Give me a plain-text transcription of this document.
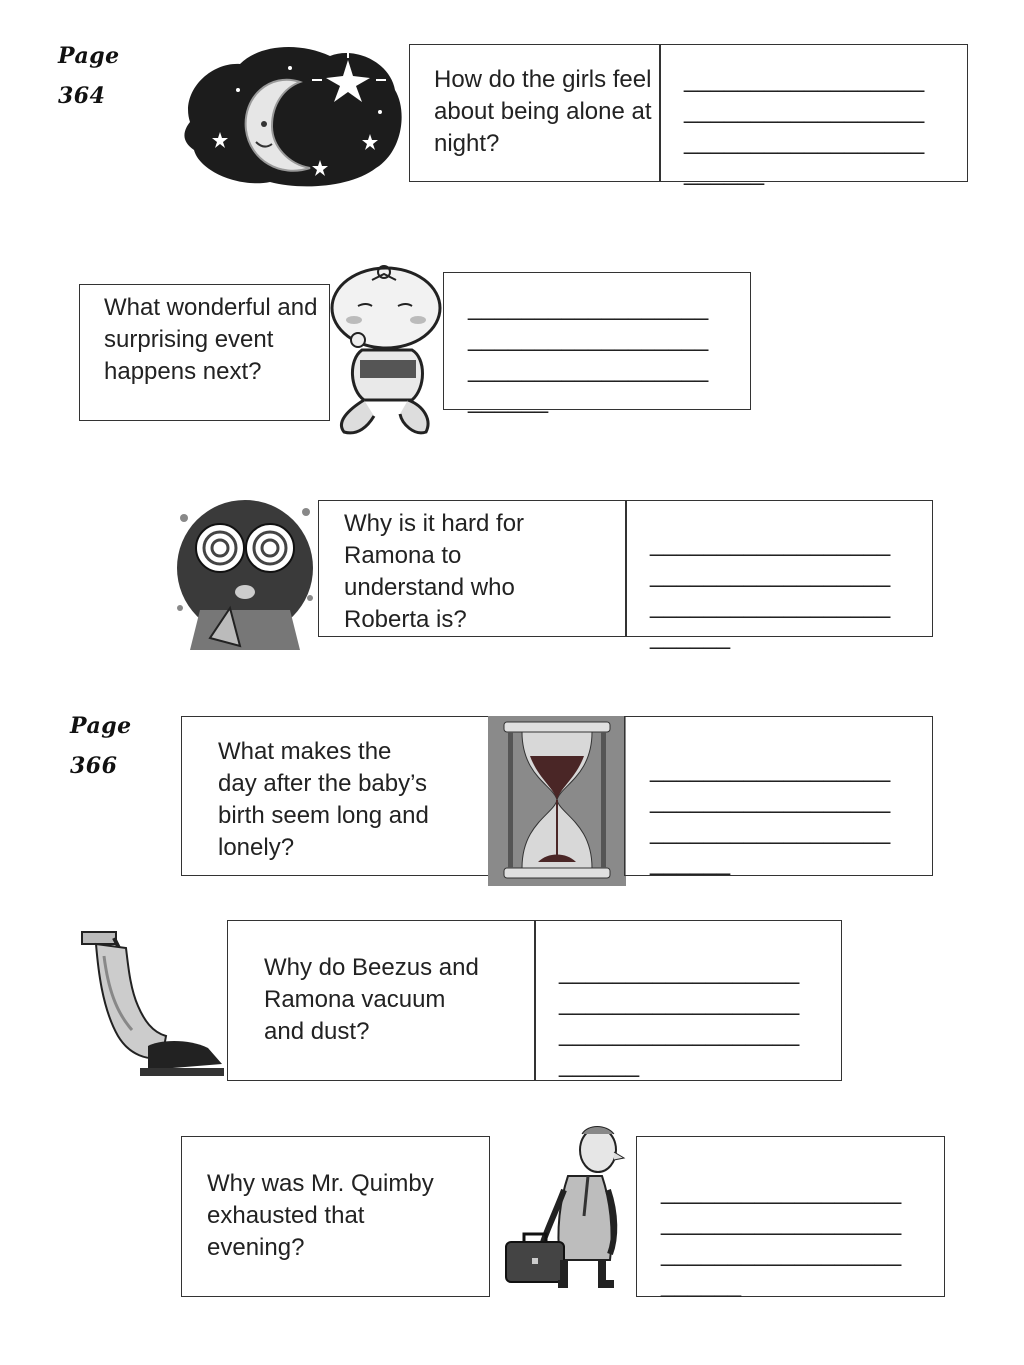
Page
364
Page
366
How do the girls feel
about being alone at
night?
__________________
__________________
__________________
______
What wonderful and
surprising event
happens next?
__________________
__________________
__________________
______
Why is it hard for
Ramona to
understand who
Roberta is?
__________________
__________________
__________________
______
What makes the
day after the baby’s
birth seem long and
lonely?
__________________
__________________
__________________
______
Why do Beezus and
Ramona vacuum
and dust?
__________________
__________________
__________________
______
Why was Mr. Quimby
exhausted that
evening?
__________________
__________________
__________________
______
